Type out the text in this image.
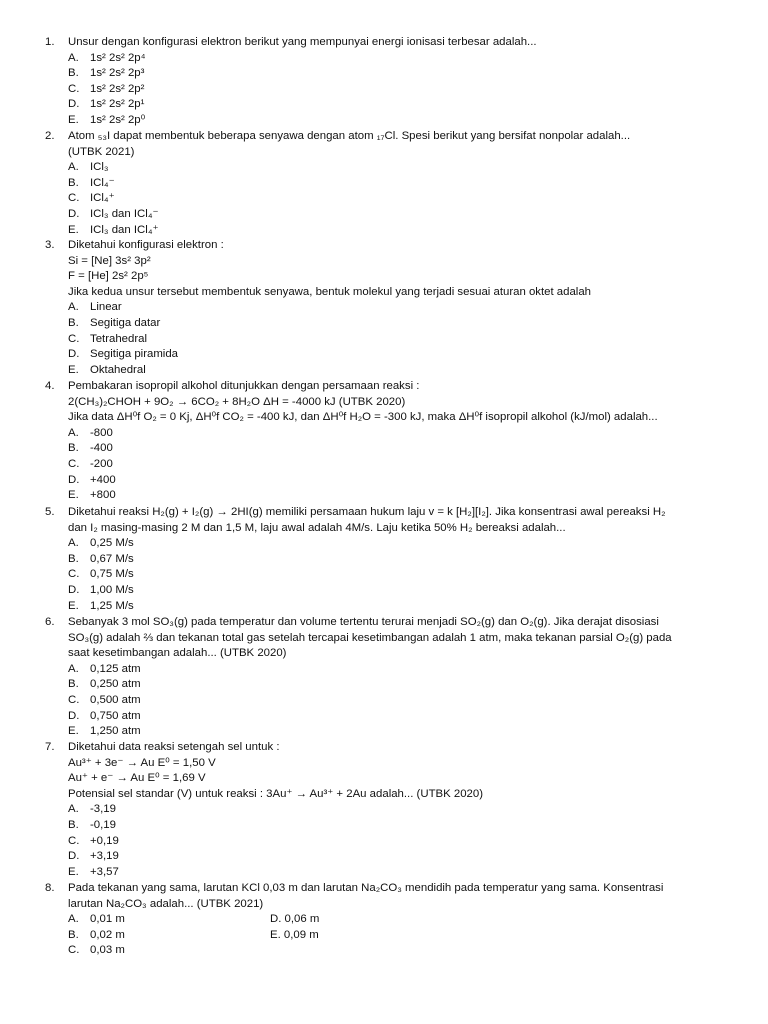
1. Unsur dengan konfigurasi elektron berikut yang mempunyai energi ionisasi terbesar adalah...
A. 1s² 2s² 2p⁴
B. 1s² 2s² 2p³
C. 1s² 2s² 2p²
D. 1s² 2s² 2p¹
E. 1s² 2s² 2p⁰
2. Atom ₅₃I dapat membentuk beberapa senyawa dengan atom ₁₇Cl. Spesi berikut yang bersifat nonpolar adalah...
(UTBK 2021)
A. ICl₃
B. ICl₄⁻
C. ICl₄⁺
D. ICl₃ dan ICl₄⁻
E. ICl₃ dan ICl₄⁺
3. Diketahui konfigurasi elektron :
Si = [Ne] 3s² 3p²
F = [He] 2s² 2p⁵
Jika kedua unsur tersebut membentuk senyawa, bentuk molekul yang terjadi sesuai aturan oktet adalah
A. Linear
B. Segitiga datar
C. Tetrahedral
D. Segitiga piramida
E. Oktahedral
4. Pembakaran isopropil alkohol ditunjukkan dengan persamaan reaksi :
2(CH₃)₂CHOH + 9O₂ → 6CO₂ + 8H₂O ΔH = -4000 kJ (UTBK 2020)
Jika data ΔH⁰f O₂ = 0 Kj, ΔH⁰f CO₂ = -400 kJ, dan ΔH⁰f H₂O = -300 kJ, maka ΔH⁰f isopropil alkohol (kJ/mol) adalah...
A. -800
B. -400
C. -200
D. +400
E. +800
5. Diketahui reaksi H₂(g) + I₂(g) → 2HI(g) memiliki persamaan hukum laju v = k [H₂][I₂]. Jika konsentrasi awal pereaksi H₂
dan I₂ masing-masing 2 M dan 1,5 M, laju awal adalah 4M/s. Laju ketika 50% H₂ bereaksi adalah...
A. 0,25 M/s
B. 0,67 M/s
C. 0,75 M/s
D. 1,00 M/s
E. 1,25 M/s
6. Sebanyak 3 mol SO₃(g) pada temperatur dan volume tertentu terurai menjadi SO₂(g) dan O₂(g). Jika derajat disosiasi
SO₃(g) adalah ⅔ dan tekanan total gas setelah tercapai kesetimbangan adalah 1 atm, maka tekanan parsial O₂(g) pada
saat kesetimbangan adalah... (UTBK 2020)
A. 0,125 atm
B. 0,250 atm
C. 0,500 atm
D. 0,750 atm
E. 1,250 atm
7. Diketahui data reaksi setengah sel untuk :
Au³⁺ + 3e⁻ → Au E⁰ = 1,50 V
Au⁺ + e⁻ → Au E⁰ = 1,69 V
Potensial sel standar (V) untuk reaksi : 3Au⁺ → Au³⁺ + 2Au adalah... (UTBK 2020)
A. -3,19
B. -0,19
C. +0,19
D. +3,19
E. +3,57
8. Pada tekanan yang sama, larutan KCl 0,03 m dan larutan Na₂CO₃ mendidih pada temperatur yang sama. Konsentrasi
larutan Na₂CO₃ adalah... (UTBK 2021)
A. 0,01 m	D. 0,06 m
B. 0,02 m	E. 0,09 m
C. 0,03 m
